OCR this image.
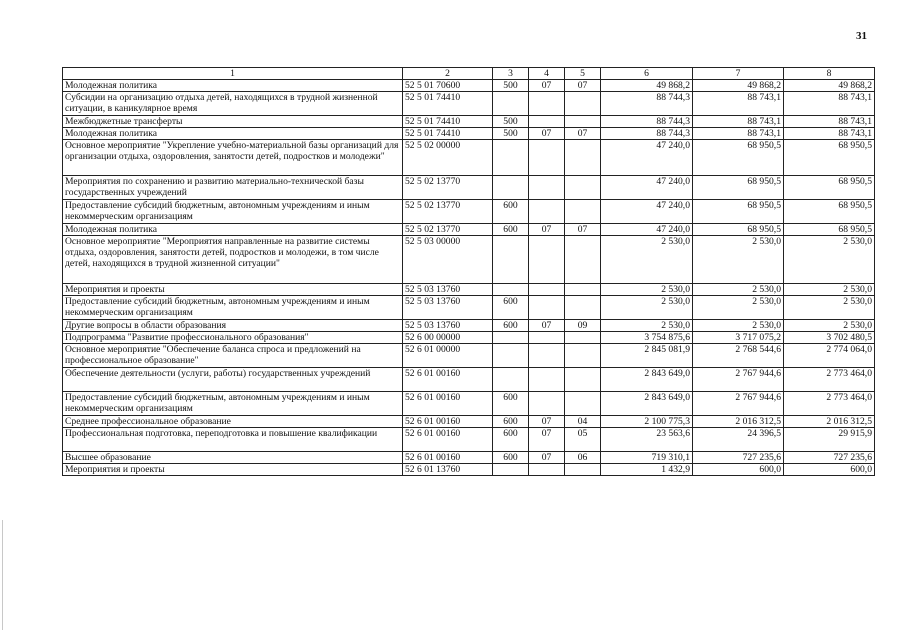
31
1	2	3	4	5	6	7	8
Молодежная политика	52 5 01 70600	500	07	07	49 868,2	49 868,2	49 868,2
Субсидии на организацию отдыха детей, находящихся в трудной жизненной ситуации, в каникулярное время	52 5 01 74410				88 744,3	88 743,1	88 743,1
Межбюджетные трансферты	52 5 01 74410	500			88 744,3	88 743,1	88 743,1
Молодежная политика	52 5 01 74410	500	07	07	88 744,3	88 743,1	88 743,1
Основное мероприятие "Укрепление учебно-материальной базы организаций для организации отдыха, оздоровления, занятости детей, подростков и молодежи"	52 5 02 00000				47 240,0	68 950,5	68 950,5
Мероприятия по сохранению и развитию материально-технической базы государственных учреждений	52 5 02 13770				47 240,0	68 950,5	68 950,5
Предоставление субсидий бюджетным, автономным учреждениям и иным некоммерческим организациям	52 5 02 13770	600			47 240,0	68 950,5	68 950,5
Молодежная политика	52 5 02 13770	600	07	07	47 240,0	68 950,5	68 950,5
Основное мероприятие "Мероприятия направленные на развитие системы отдыха, оздоровления, занятости детей, подростков и молодежи, в том числе детей, находящихся в трудной жизненной ситуации"	52 5 03 00000				2 530,0	2 530,0	2 530,0
Мероприятия и проекты	52 5 03 13760				2 530,0	2 530,0	2 530,0
Предоставление субсидий бюджетным, автономным учреждениям и иным некоммерческим организациям	52 5 03 13760	600			2 530,0	2 530,0	2 530,0
Другие вопросы в области образования	52 5 03 13760	600	07	09	2 530,0	2 530,0	2 530,0
Подпрограмма "Развитие профессионального образования"	52 6 00 00000				3 754 875,6	3 717 075,2	3 702 480,5
Основное мероприятие "Обеспечение баланса спроса и предложений на профессиональное образование"	52 6 01 00000				2 845 081,9	2 768 544,6	2 774 064,0
Обеспечение деятельности (услуги, работы) государственных учреждений	52 6 01 00160				2 843 649,0	2 767 944,6	2 773 464,0
Предоставление субсидий бюджетным, автономным учреждениям и иным некоммерческим организациям	52 6 01 00160	600			2 843 649,0	2 767 944,6	2 773 464,0
Среднее профессиональное образование	52 6 01 00160	600	07	04	2 100 775,3	2 016 312,5	2 016 312,5
Профессиональная подготовка, переподготовка и повышение квалификации	52 6 01 00160	600	07	05	23 563,6	24 396,5	29 915,9
Высшее образование	52 6 01 00160	600	07	06	719 310,1	727 235,6	727 235,6
Мероприятия и проекты	52 6 01 13760				1 432,9	600,0	600,0
